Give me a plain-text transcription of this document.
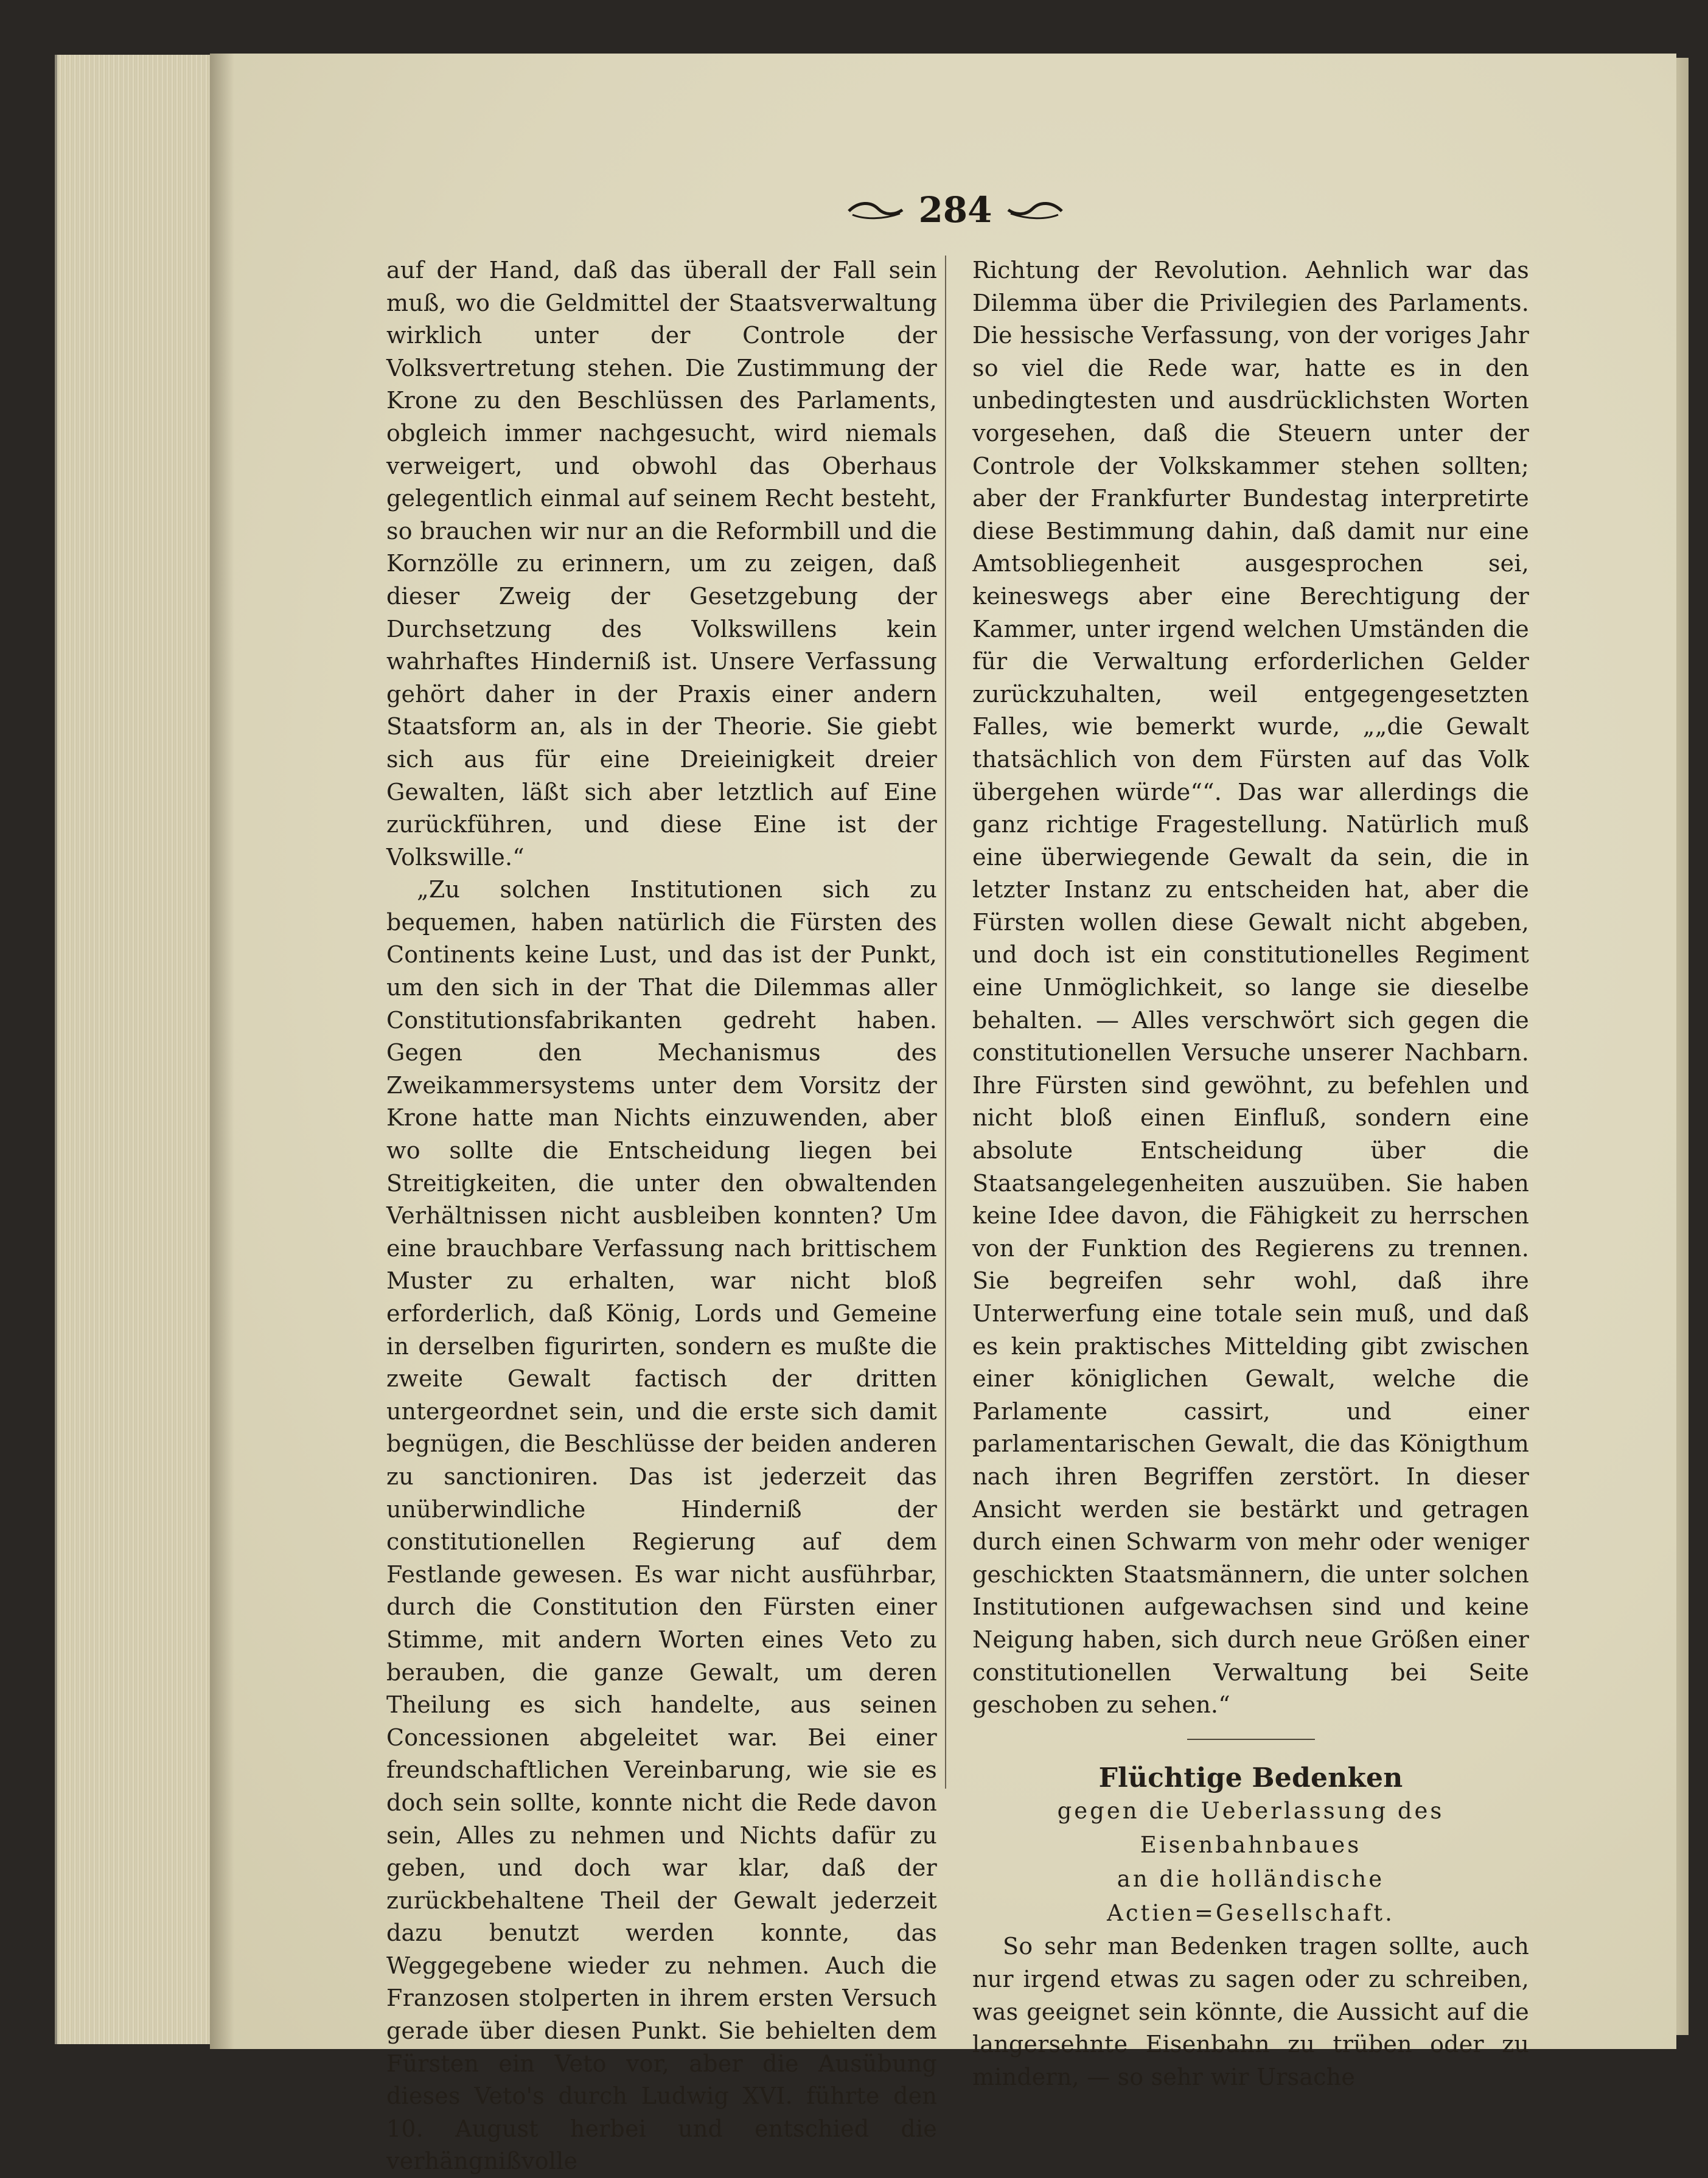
284

auf der Hand, daß das überall der Fall sein muß, wo die Geldmittel der Staatsverwaltung wirklich unter der Controle der Volksvertretung stehen. Die Zustimmung der Krone zu den Beschlüssen des Parlaments, obgleich immer nachgesucht, wird niemals verweigert, und obwohl das Oberhaus gelegentlich einmal auf seinem Recht besteht, so brauchen wir nur an die Reformbill und die Kornzölle zu erinnern, um zu zeigen, daß dieser Zweig der Gesetzgebung der Durchsetzung des Volkswillens kein wahrhaftes Hinderniß ist. Unsere Verfassung gehört daher in der Praxis einer andern Staatsform an, als in der Theorie. Sie giebt sich aus für eine Dreieinigkeit dreier Gewalten, läßt sich aber letztlich auf Eine zurückführen, und diese Eine ist der Volkswille.“

„Zu solchen Institutionen sich zu bequemen, haben natürlich die Fürsten des Continents keine Lust, und das ist der Punkt, um den sich in der That die Dilemmas aller Constitutionsfabrikanten gedreht haben. Gegen den Mechanismus des Zweikammersystems unter dem Vorsitz der Krone hatte man Nichts einzuwenden, aber wo sollte die Entscheidung liegen bei Streitigkeiten, die unter den obwaltenden Verhältnissen nicht ausbleiben konnten? Um eine brauchbare Verfassung nach brittischem Muster zu erhalten, war nicht bloß erforderlich, daß König, Lords und Gemeine in derselben figurirten, sondern es mußte die zweite Gewalt factisch der dritten untergeordnet sein, und die erste sich damit begnügen, die Beschlüsse der beiden anderen zu sanctioniren. Das ist jederzeit das unüberwindliche Hinderniß der constitutionellen Regierung auf dem Festlande gewesen. Es war nicht ausführbar, durch die Constitution den Fürsten einer Stimme, mit andern Worten eines Veto zu berauben, die ganze Gewalt, um deren Theilung es sich handelte, aus seinen Concessionen abgeleitet war. Bei einer freundschaftlichen Vereinbarung, wie sie es doch sein sollte, konnte nicht die Rede davon sein, Alles zu nehmen und Nichts dafür zu geben, und doch war klar, daß der zurückbehaltene Theil der Gewalt jederzeit dazu benutzt werden konnte, das Weggegebene wieder zu nehmen. Auch die Franzosen stolperten in ihrem ersten Versuch gerade über diesen Punkt. Sie behielten dem Fürsten ein Veto vor, aber die Ausübung dieses Veto's durch Ludwig XVI. führte den 10. August herbei und entschied die verhängnißvolle

Richtung der Revolution. Aehnlich war das Dilemma über die Privilegien des Parlaments. Die hessische Verfassung, von der voriges Jahr so viel die Rede war, hatte es in den unbedingtesten und ausdrücklichsten Worten vorgesehen, daß die Steuern unter der Controle der Volkskammer stehen sollten; aber der Frankfurter Bundestag interpretirte diese Bestimmung dahin, daß damit nur eine Amtsobliegenheit ausgesprochen sei, keineswegs aber eine Berechtigung der Kammer, unter irgend welchen Umständen die für die Verwaltung erforderlichen Gelder zurückzuhalten, weil entgegengesetzten Falles, wie bemerkt wurde, „„die Gewalt thatsächlich von dem Fürsten auf das Volk übergehen würde““. Das war allerdings die ganz richtige Fragestellung. Natürlich muß eine überwiegende Gewalt da sein, die in letzter Instanz zu entscheiden hat, aber die Fürsten wollen diese Gewalt nicht abgeben, und doch ist ein constitutionelles Regiment eine Unmöglichkeit, so lange sie dieselbe behalten. — Alles verschwört sich gegen die constitutionellen Versuche unserer Nachbarn. Ihre Fürsten sind gewöhnt, zu befehlen und nicht bloß einen Einfluß, sondern eine absolute Entscheidung über die Staatsangelegenheiten auszuüben. Sie haben keine Idee davon, die Fähigkeit zu herrschen von der Funktion des Regierens zu trennen. Sie begreifen sehr wohl, daß ihre Unterwerfung eine totale sein muß, und daß es kein praktisches Mittelding gibt zwischen einer königlichen Gewalt, welche die Parlamente cassirt, und einer parlamentarischen Gewalt, die das Königthum nach ihren Begriffen zerstört. In dieser Ansicht werden sie bestärkt und getragen durch einen Schwarm von mehr oder weniger geschickten Staatsmännern, die unter solchen Institutionen aufgewachsen sind und keine Neigung haben, sich durch neue Größen einer constitutionellen Verwaltung bei Seite geschoben zu sehen.“

Flüchtige Bedenken

gegen die Ueberlassung des Eisenbahnbaues

an die holländische Actien=Gesellschaft.

So sehr man Bedenken tragen sollte, auch nur irgend etwas zu sagen oder zu schreiben, was geeignet sein könnte, die Aussicht auf die langersehnte Eisenbahn zu trüben oder zu mindern, — so sehr wir Ursache
